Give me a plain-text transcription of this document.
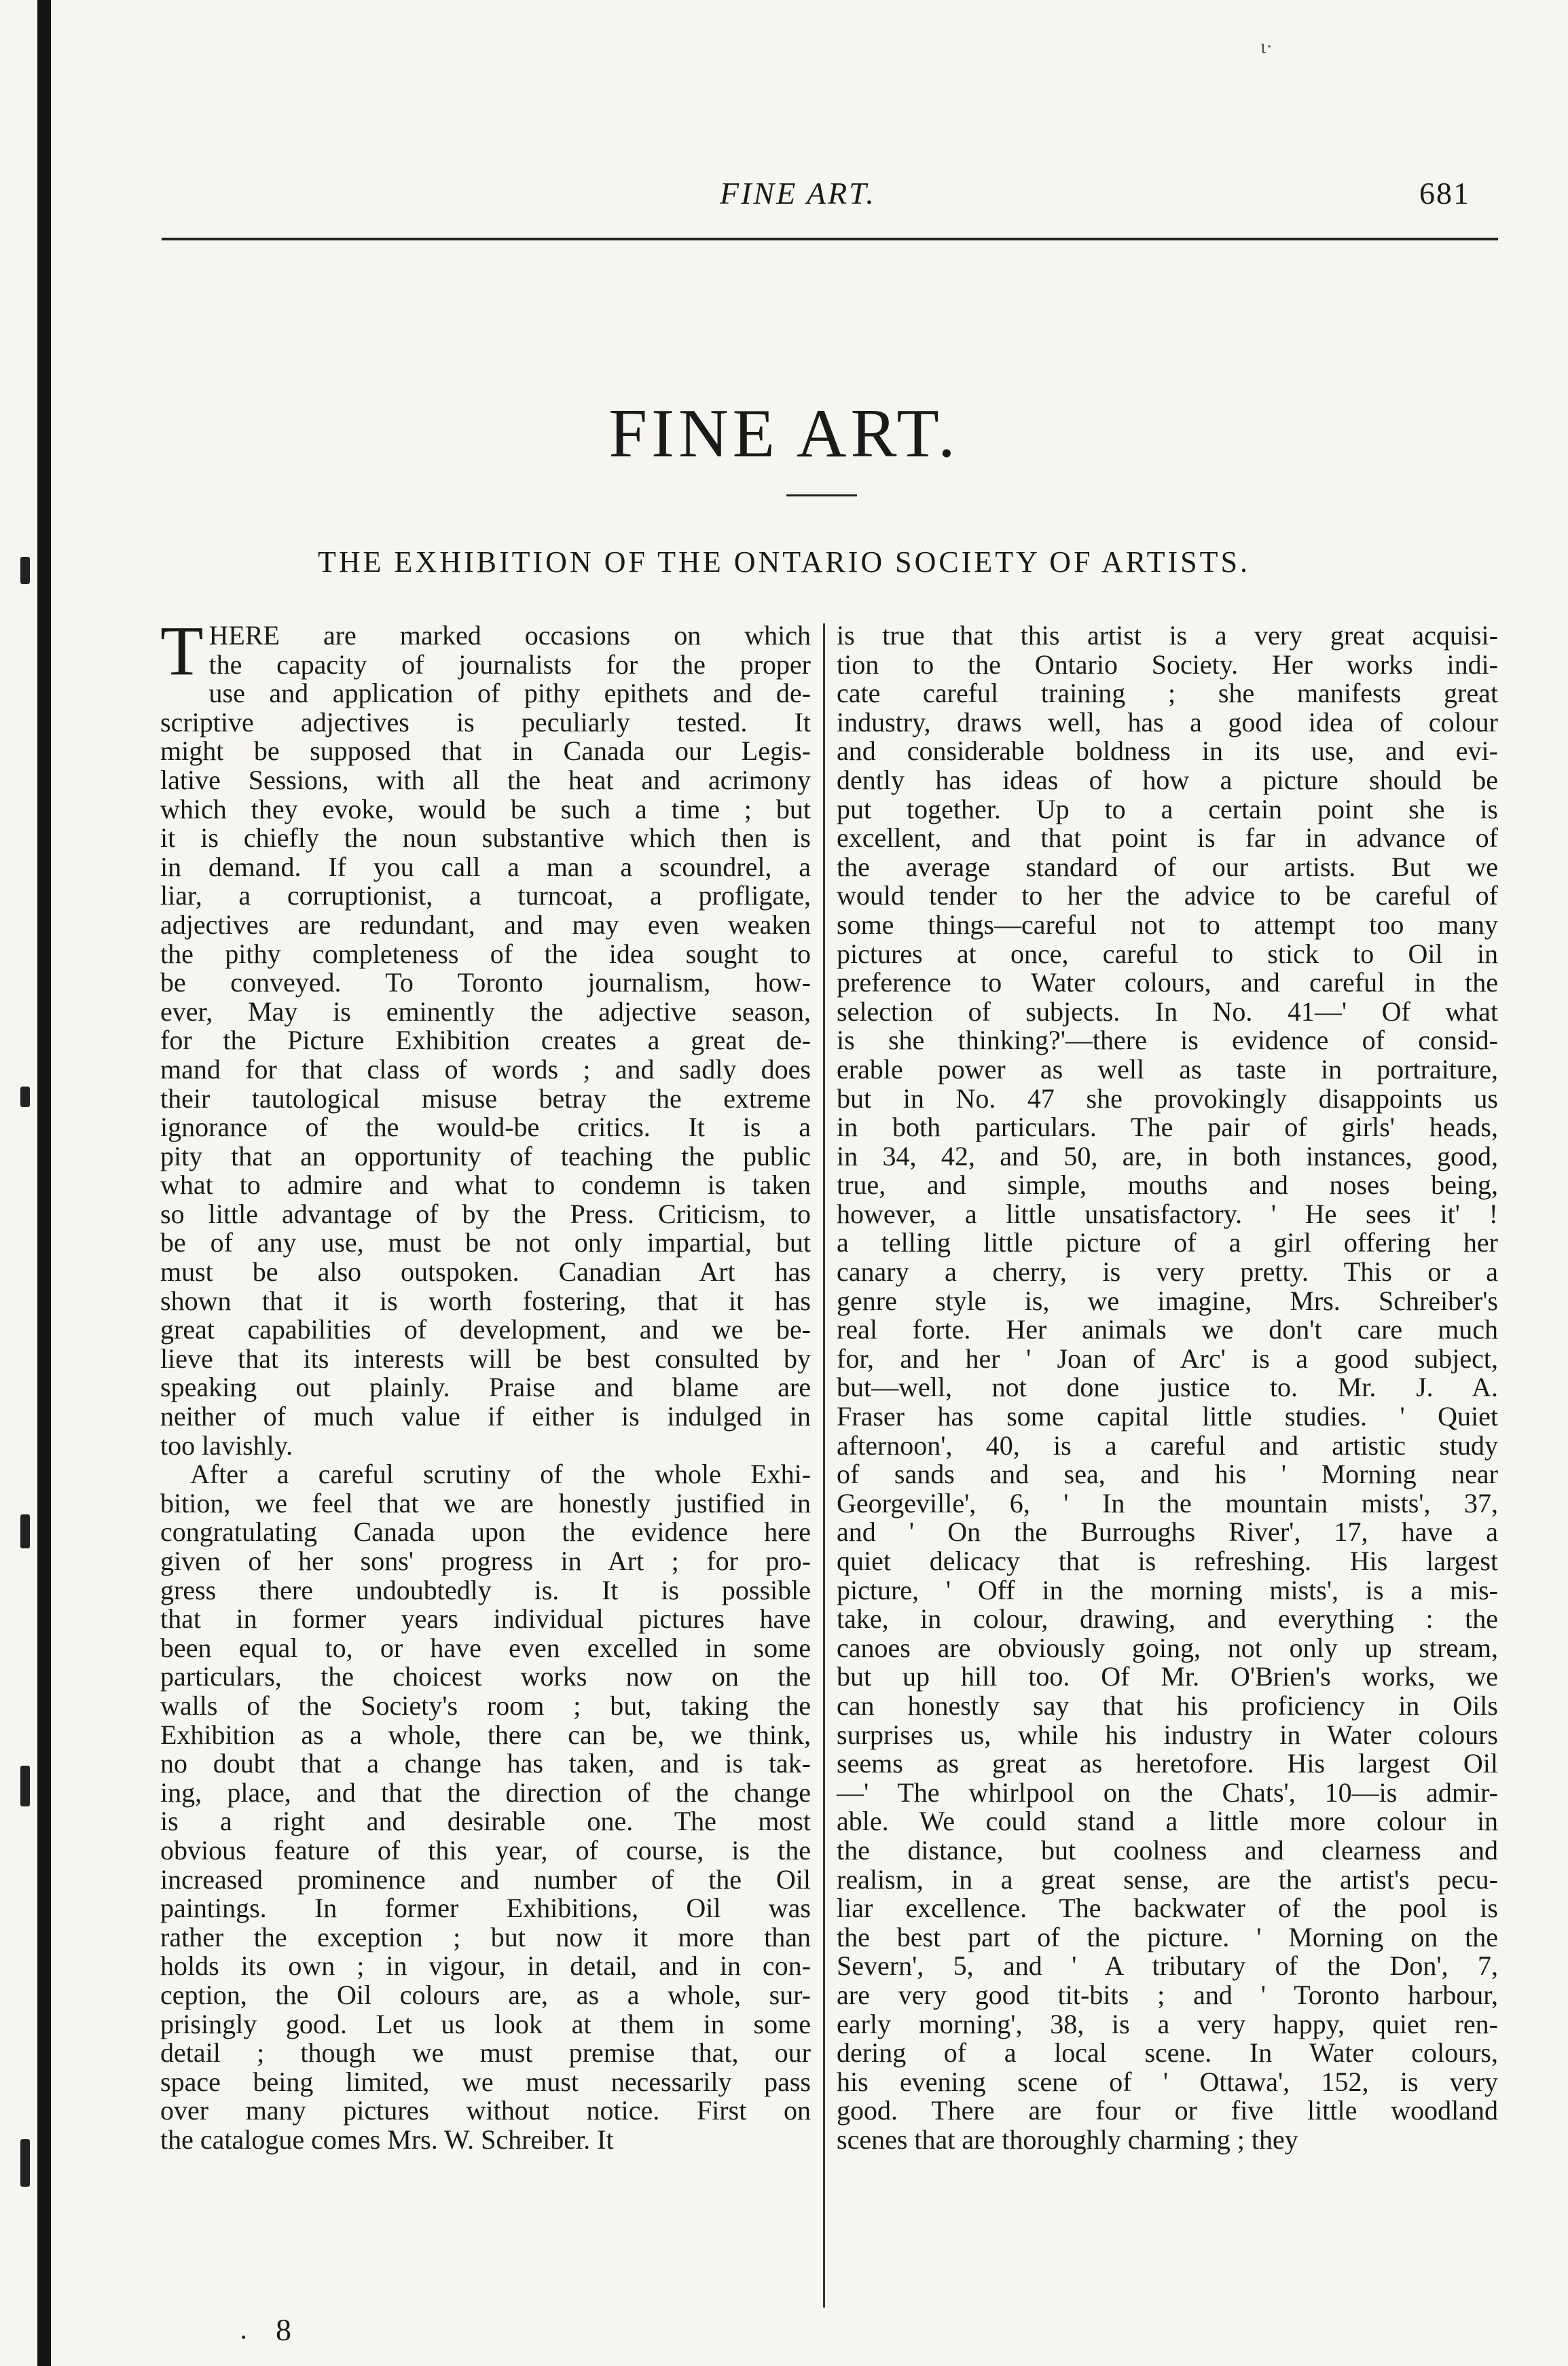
ι·
FINE ART.	681
FINE ART.
THE EXHIBITION OF THE ONTARIO SOCIETY OF ARTISTS.
T HERE are marked occasions on which
the capacity of journalists for the proper
use and application of pithy epithets and de-
scriptive adjectives is peculiarly tested. It
might be supposed that in Canada our Legis-
lative Sessions, with all the heat and acrimony
which they evoke, would be such a time ; but
it is chiefly the noun substantive which then is
in demand. If you call a man a scoundrel, a
liar, a corruptionist, a turncoat, a profligate,
adjectives are redundant, and may even weaken
the pithy completeness of the idea sought to
be conveyed. To Toronto journalism, how-
ever, May is eminently the adjective season,
for the Picture Exhibition creates a great de-
mand for that class of words ; and sadly does
their tautological misuse betray the extreme
ignorance of the would-be critics. It is a
pity that an opportunity of teaching the public
what to admire and what to condemn is taken
so little advantage of by the Press. Criticism, to
be of any use, must be not only impartial, but
must be also outspoken. Canadian Art has
shown that it is worth fostering, that it has
great capabilities of development, and we be-
lieve that its interests will be best consulted by
speaking out plainly. Praise and blame are
neither of much value if either is indulged in
too lavishly.
After a careful scrutiny of the whole Exhi-
bition, we feel that we are honestly justified in
congratulating Canada upon the evidence here
given of her sons' progress in Art ; for pro-
gress there undoubtedly is. It is possible
that in former years individual pictures have
been equal to, or have even excelled in some
particulars, the choicest works now on the
walls of the Society's room ; but, taking the
Exhibition as a whole, there can be, we think,
no doubt that a change has taken, and is tak-
ing, place, and that the direction of the change
is a right and desirable one. The most
obvious feature of this year, of course, is the
increased prominence and number of the Oil
paintings. In former Exhibitions, Oil was
rather the exception ; but now it more than
holds its own ; in vigour, in detail, and in con-
ception, the Oil colours are, as a whole, sur-
prisingly good. Let us look at them in some
detail ; though we must premise that, our
space being limited, we must necessarily pass
over many pictures without notice. First on
the catalogue comes Mrs. W. Schreiber. It
is true that this artist is a very great acquisi-
tion to the Ontario Society. Her works indi-
cate careful training ; she manifests great
industry, draws well, has a good idea of colour
and considerable boldness in its use, and evi-
dently has ideas of how a picture should be
put together. Up to a certain point she is
excellent, and that point is far in advance of
the average standard of our artists. But we
would tender to her the advice to be careful of
some things—careful not to attempt too many
pictures at once, careful to stick to Oil in
preference to Water colours, and careful in the
selection of subjects. In No. 41—' Of what
is she thinking?'—there is evidence of consid-
erable power as well as taste in portraiture,
but in No. 47 she provokingly disappoints us
in both particulars. The pair of girls' heads,
in 34, 42, and 50, are, in both instances, good,
true, and simple, mouths and noses being,
however, a little unsatisfactory. ' He sees it' !
a telling little picture of a girl offering her
canary a cherry, is very pretty. This or a
genre style is, we imagine, Mrs. Schreiber's
real forte. Her animals we don't care much
for, and her ' Joan of Arc' is a good subject,
but—well, not done justice to. Mr. J. A.
Fraser has some capital little studies. ' Quiet
afternoon', 40, is a careful and artistic study
of sands and sea, and his ' Morning near
Georgeville', 6, ' In the mountain mists', 37,
and ' On the Burroughs River', 17, have a
quiet delicacy that is refreshing. His largest
picture, ' Off in the morning mists', is a mis-
take, in colour, drawing, and everything : the
canoes are obviously going, not only up stream,
but up hill too. Of Mr. O'Brien's works, we
can honestly say that his proficiency in Oils
surprises us, while his industry in Water colours
seems as great as heretofore. His largest Oil
—' The whirlpool on the Chats', 10—is admir-
able. We could stand a little more colour in
the distance, but coolness and clearness and
realism, in a great sense, are the artist's pecu-
liar excellence. The backwater of the pool is
the best part of the picture. ' Morning on the
Severn', 5, and ' A tributary of the Don', 7,
are very good tit-bits ; and ' Toronto harbour,
early morning', 38, is a very happy, quiet ren-
dering of a local scene. In Water colours,
his evening scene of ' Ottawa', 152, is very
good. There are four or five little woodland
scenes that are thoroughly charming ; they
· 8
